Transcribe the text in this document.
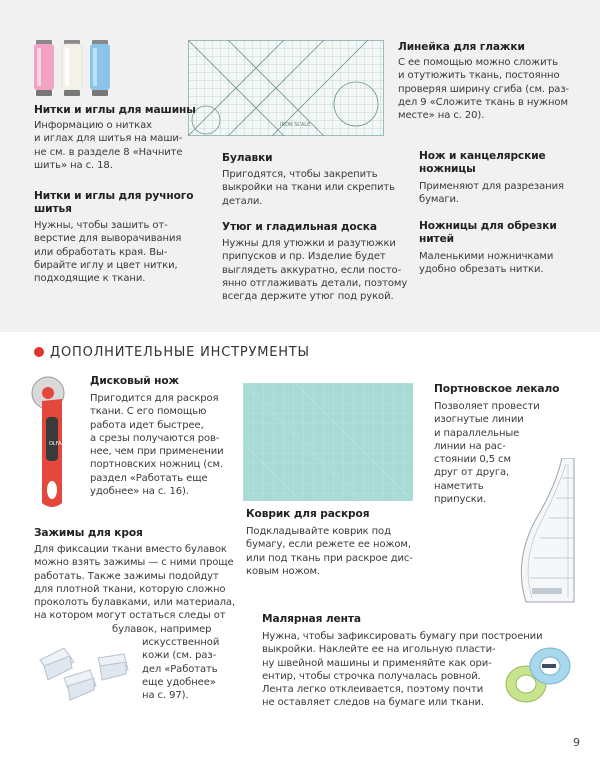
IRON SCALE
Нитки и иглы для машины
Информацию о нитках
и иглах для шитья на маши-
не см. в разделе 8 «Начните
шить» на с. 18.
Нитки и иглы для ручного
шитья
Нужны, чтобы зашить от-
верстие для выворачивания
или обработать края. Вы-
бирайте иглу и цвет нитки,
подходящие к ткани.
Линейка для глажки
С ее помощью можно сложить
и отутюжить ткань, постоянно
проверяя ширину сгиба (см. раз-
дел 9 «Сложите ткань в нужном
месте» на с. 20).
Булавки
Пригодятся, чтобы закрепить
выкройки на ткани или скрепить
детали.
Утюг и гладильная доска
Нужны для утюжки и разутюжки
припусков и пр. Изделие будет
выглядеть аккуратно, если посто-
янно отглаживать детали, поэтому
всегда держите утюг под рукой.
Нож и канцелярские
ножницы
Применяют для разрезания
бумаги.
Ножницы для обрезки
нитей
Маленькими ножничками
удобно обрезать нитки.
ДОПОЛНИТЕЛЬНЫЕ ИНСТРУМЕНТЫ
OLFA
Дисковый нож
Пригодится для раскроя
ткани. С его помощью
работа идет быстрее,
а срезы получаются ров-
нее, чем при применении
портновских ножниц (см.
раздел «Работать еще
удобнее» на с. 16).
Зажимы для кроя
Для фиксации ткани вместо булавок
можно взять зажимы — с ними проще
работать. Также зажимы подойдут
для плотной ткани, которую сложно
проколоть булавками, или материала,
на котором могут остаться следы от
булавок, например
искусственной
кожи (см. раз-
дел «Работать
еще удобнее»
на с. 97).
Коврик для раскроя
Подкладывайте коврик под
бумагу, если режете ее ножом,
или под ткань при раскрое дис-
ковым ножом.
Портновское лекало
Позволяет провести
изогнутые линии
и параллельные
линии на рас-
стоянии 0,5 см
друг от друга,
наметить
припуски.
Малярная лента
Нужна, чтобы зафиксировать бумагу при построении
выкройки. Наклейте ее на игольную пласти-
ну швейной машины и применяйте как ори-
ентир, чтобы строчка получалась ровной.
Лента легко отклеивается, поэтому почти
не оставляет следов на бумаге или ткани.
9
